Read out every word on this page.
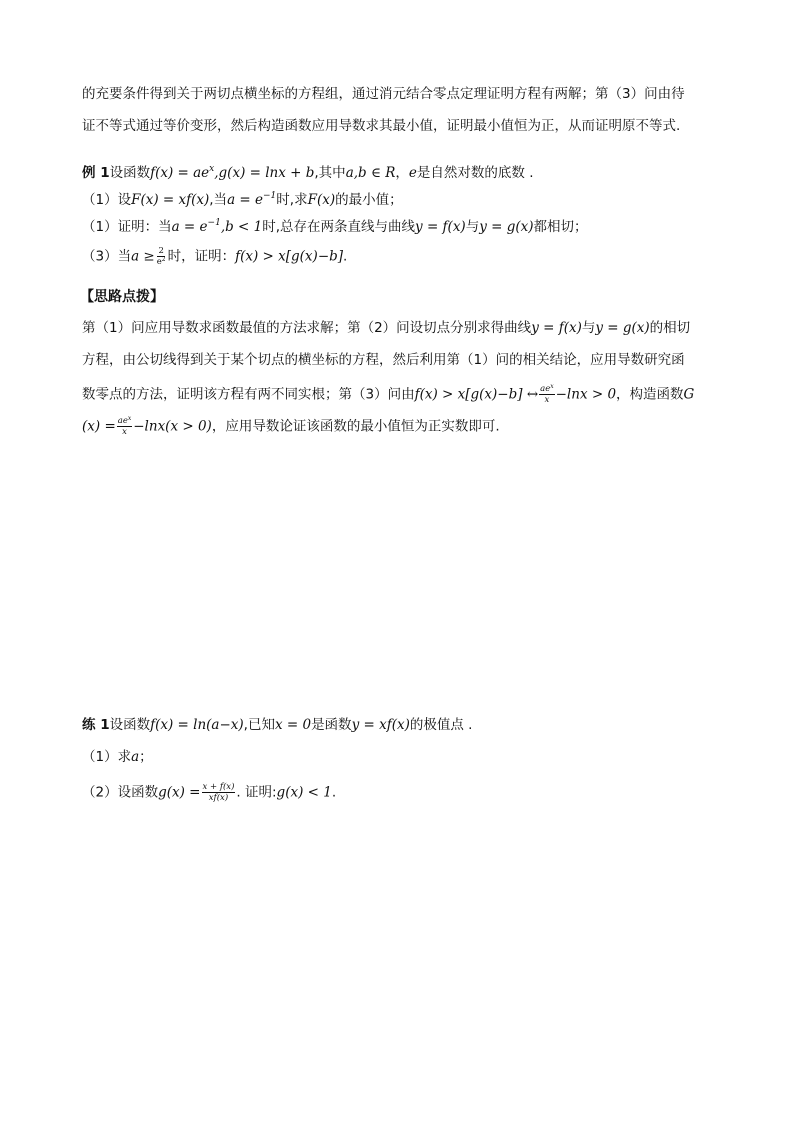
的充要条件得到关于两切点横坐标的方程组，通过消元结合零点定理证明方程有两解；第（3）问由待
证不等式通过等价变形，然后构造函数应用导数求其最小值，证明最小值恒为正，从而证明原不等式.
例 1设函数$f(x) = ae^x,g(x) = \ln x + b$,其中a,b ∈ R，e是自然对数的底数 .
（1）设F(x) = xf(x),当$a = e^{-1}$时,求F(x)的最小值；
（1）证明：当$a = e^{-1},b < 1$时,总存在两条直线与曲线y = f(x)与y = g(x)都相切；
（3）当$a \ge \frac{2}{e^2}$ 时，证明：f(x) > x[g(x)−b].
【思路点拨】
第（1）问应用导数求函数最值的方法求解；第（2）问设切点分别求得曲线y = f(x)与y = g(x)的相切
方程，由公切线得到关于某个切点的横坐标的方程，然后利用第（1）问的相关结论，应用导数研究函
数零点的方法，证明该方程有两不同实根；第（3）问由f(x) > x[g(x)−b] ↔ $\frac{ae^x}{x} -\ln x > 0$，构造函数G
$(x) = \frac{ae^x}{x} -\ln x(x > 0)$，应用导数论证该函数的最小值恒为正实数即可.
练 1设函数f(x) = ln(a−x),已知x = 0是函数y = xf(x)的极值点 .
（1）求a；
（2）设函数$g(x) = \frac{x + f(x)}{xf(x)}$ . 证明:g(x) < 1.
